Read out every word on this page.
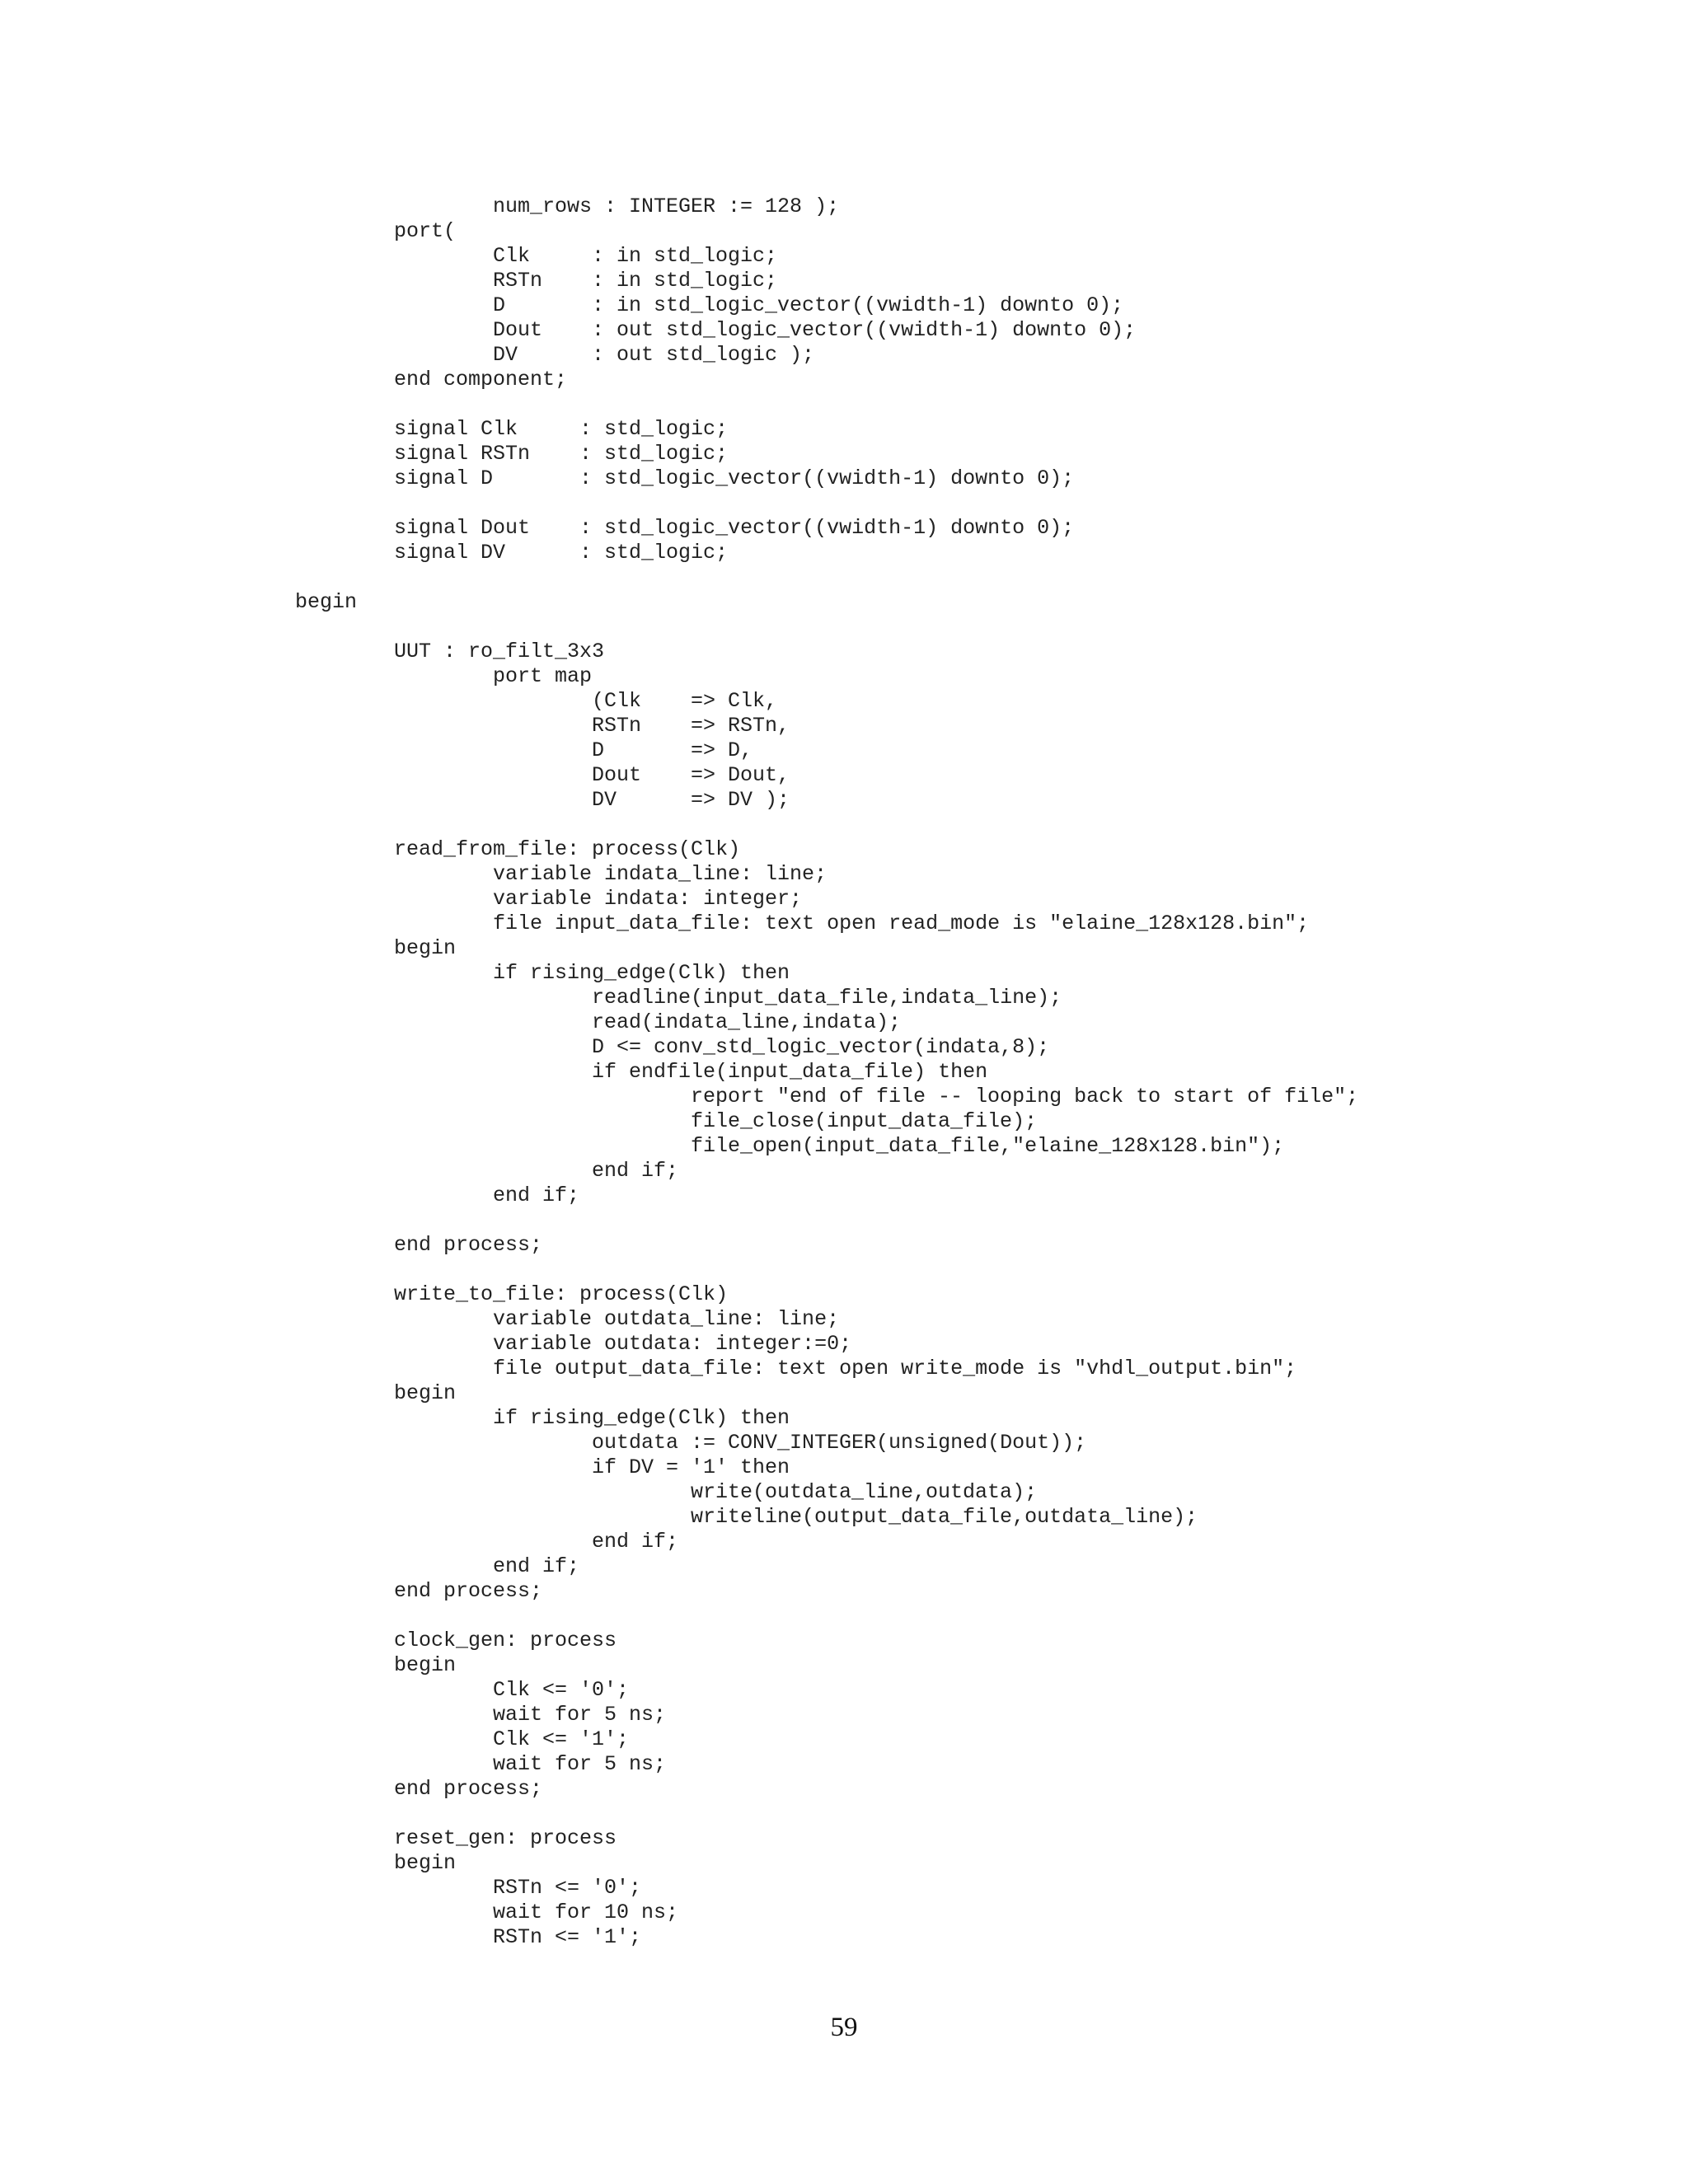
num_rows : INTEGER := 128 );
port(
Clk     : in std_logic;
RSTn    : in std_logic;
D       : in std_logic_vector((vwidth-1) downto 0);
Dout    : out std_logic_vector((vwidth-1) downto 0);
DV      : out std_logic );
end component;
signal Clk     : std_logic;
signal RSTn    : std_logic;
signal D       : std_logic_vector((vwidth-1) downto 0);
signal Dout    : std_logic_vector((vwidth-1) downto 0);
signal DV      : std_logic;
begin
UUT : ro_filt_3x3
port map
(Clk    => Clk,
RSTn    => RSTn,
D       => D,
Dout    => Dout,
DV      => DV );
read_from_file: process(Clk)
variable indata_line: line;
variable indata: integer;
file input_data_file: text open read_mode is "elaine_128x128.bin";
begin
if rising_edge(Clk) then
readline(input_data_file,indata_line);
read(indata_line,indata);
D <= conv_std_logic_vector(indata,8);
if endfile(input_data_file) then
report "end of file -- looping back to start of file";
file_close(input_data_file);
file_open(input_data_file,"elaine_128x128.bin");
end if;
end if;
end process;
write_to_file: process(Clk)
variable outdata_line: line;
variable outdata: integer:=0;
file output_data_file: text open write_mode is "vhdl_output.bin";
begin
if rising_edge(Clk) then
outdata := CONV_INTEGER(unsigned(Dout));
if DV = '1' then
write(outdata_line,outdata);
writeline(output_data_file,outdata_line);
end if;
end if;
end process;
clock_gen: process
begin
Clk <= '0';
wait for 5 ns;
Clk <= '1';
wait for 5 ns;
end process;
reset_gen: process
begin
RSTn <= '0';
wait for 10 ns;
RSTn <= '1';
59
